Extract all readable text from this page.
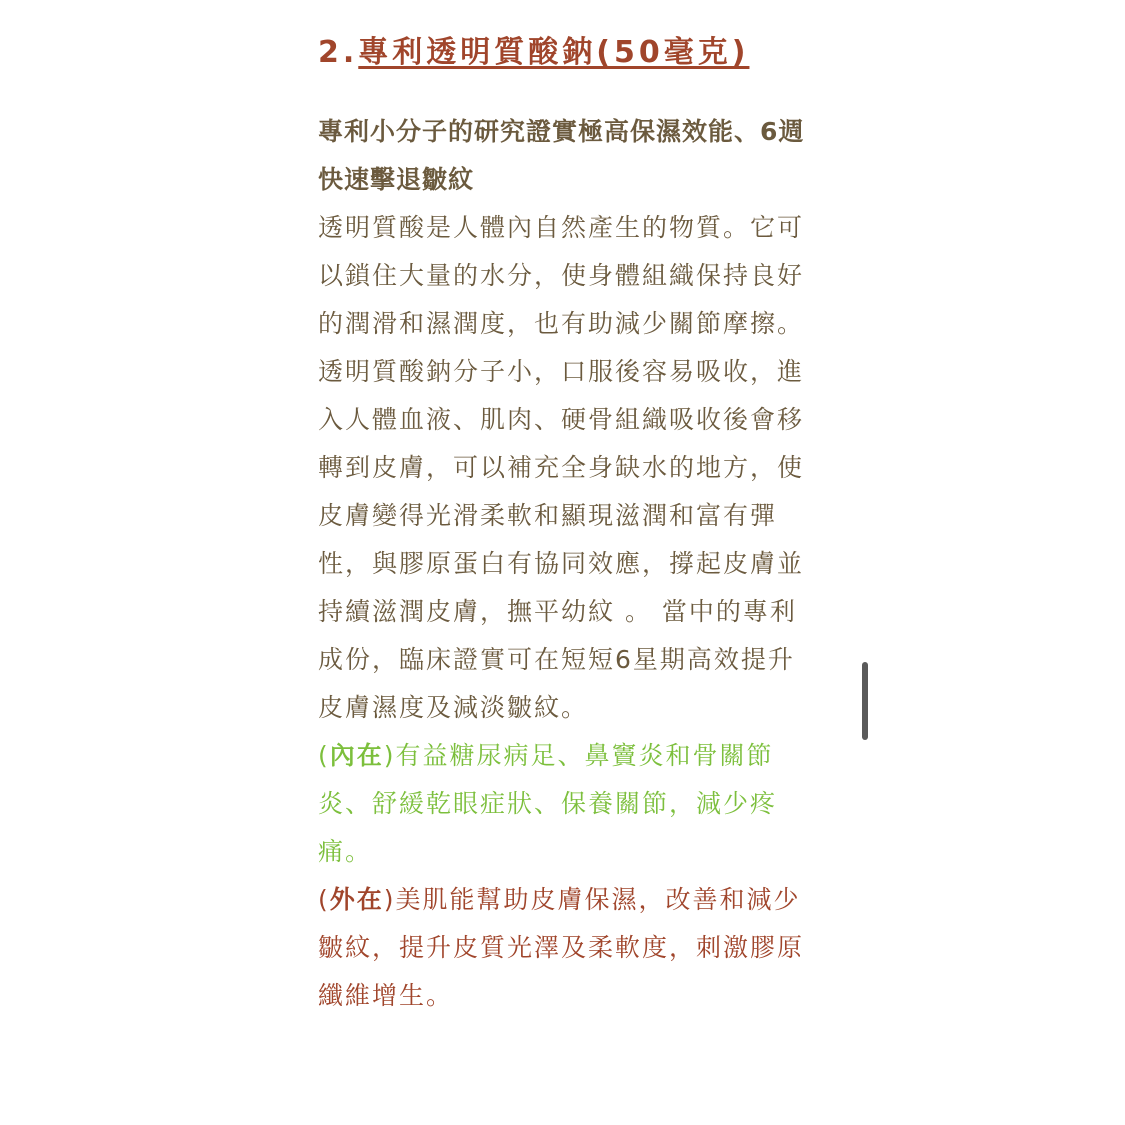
2.專利透明質酸鈉(50毫克)

專利小分子的研究證實極高保濕效能、6週快速擊退皺紋

透明質酸是人體內自然產生的物質。它可以鎖住大量的水分，使身體組織保持良好的潤滑和濕潤度，也有助減少關節摩擦。透明質酸鈉分子小，口服後容易吸收，進入人體血液、肌肉、硬骨組織吸收後會移轉到皮膚，可以補充全身缺水的地方，使皮膚變得光滑柔軟和顯現滋潤和富有彈性，與膠原蛋白有協同效應，撐起皮膚並持續滋潤皮膚，撫平幼紋 。 當中的專利成份，臨床證實可在短短6星期高效提升皮膚濕度及減淡皺紋。

(內在)有益糖尿病足、鼻竇炎和骨關節炎、舒緩乾眼症狀、保養關節，減少疼痛。

(外在)美肌能幫助皮膚保濕，改善和減少皺紋，提升皮質光澤及柔軟度，刺激膠原纖維增生。
